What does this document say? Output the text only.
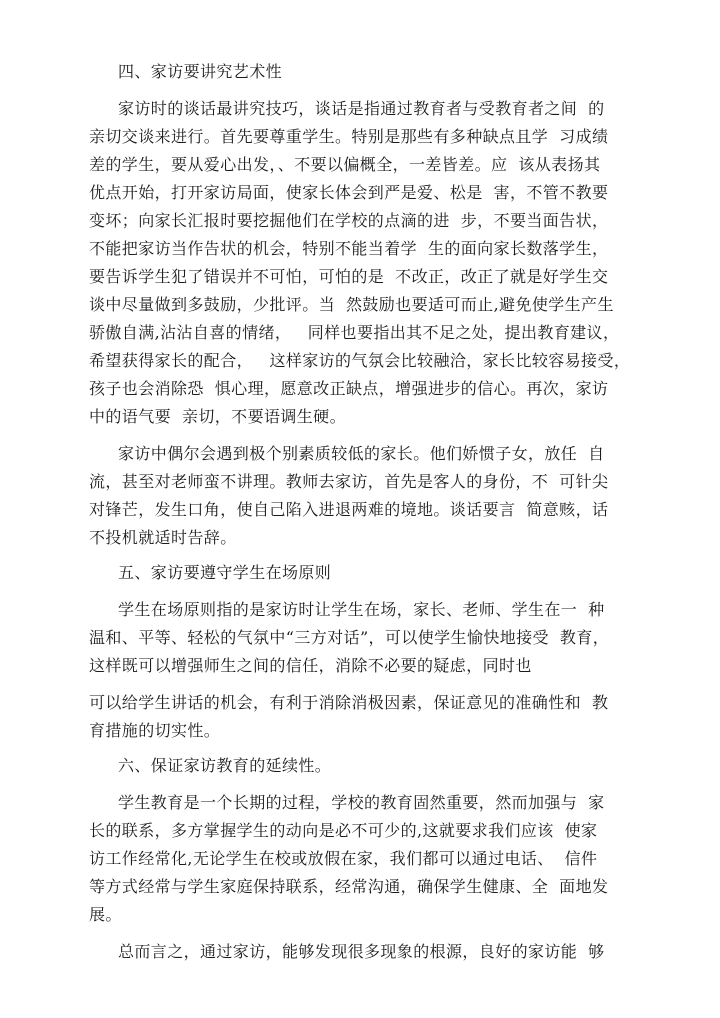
四、家访要讲究艺术性
家访时的谈话最讲究技巧，谈话是指通过教育者与受教育者之间  的
亲切交谈来进行。首先要尊重学生。特别是那些有多种缺点且学  习成绩
差的学生，要从爱心出发，、不要以偏概全，一差皆差。应  该从表扬其
优点开始，打开家访局面，使家长体会到严是爱、松是  害，不管不教要
变坏；向家长汇报时要挖掘他们在学校的点滴的进  步，不要当面告状，
不能把家访当作告状的机会，特别不能当着学  生的面向家长数落学生，
要告诉学生犯了错误并不可怕，可怕的是  不改正，改正了就是好学生交
谈中尽量做到多鼓励，少批评。当  然鼓励也要适可而止,避免使学生产生
骄傲自满,沾沾自喜的情绪，   同样也要指出其不足之处，提出教育建议，
希望获得家长的配合，   这样家访的气氛会比较融洽，家长比较容易接受，
孩子也会消除恐  惧心理，愿意改正缺点，增强进步的信心。再次，家访
中的语气要  亲切，不要语调生硬。
家访中偶尔会遇到极个别素质较低的家长。他们娇惯子女，放任  自
流，甚至对老师蛮不讲理。教师去家访，首先是客人的身份，不  可针尖
对锋芒，发生口角，使自己陷入进退两难的境地。谈话要言  简意赅，话
不投机就适时告辞。
五、家访要遵守学生在场原则
学生在场原则指的是家访时让学生在场，家长、老师、学生在一  种
温和、平等、轻松的气氛中“三方对话”，可以使学生愉快地接受  教育，
这样既可以增强师生之间的信任，消除不必要的疑虑，同时也
可以给学生讲话的机会，有利于消除消极因素，保证意见的准确性和  教
育措施的切实性。
六、保证家访教育的延续性。
学生教育是一个长期的过程，学校的教育固然重要，然而加强与  家
长的联系，多方掌握学生的动向是必不可少的,这就要求我们应该  使家
访工作经常化,无论学生在校或放假在家，我们都可以通过电话、  信件
等方式经常与学生家庭保持联系，经常沟通，确保学生健康、全  面地发
展。
总而言之，通过家访，能够发现很多现象的根源，良好的家访能  够
